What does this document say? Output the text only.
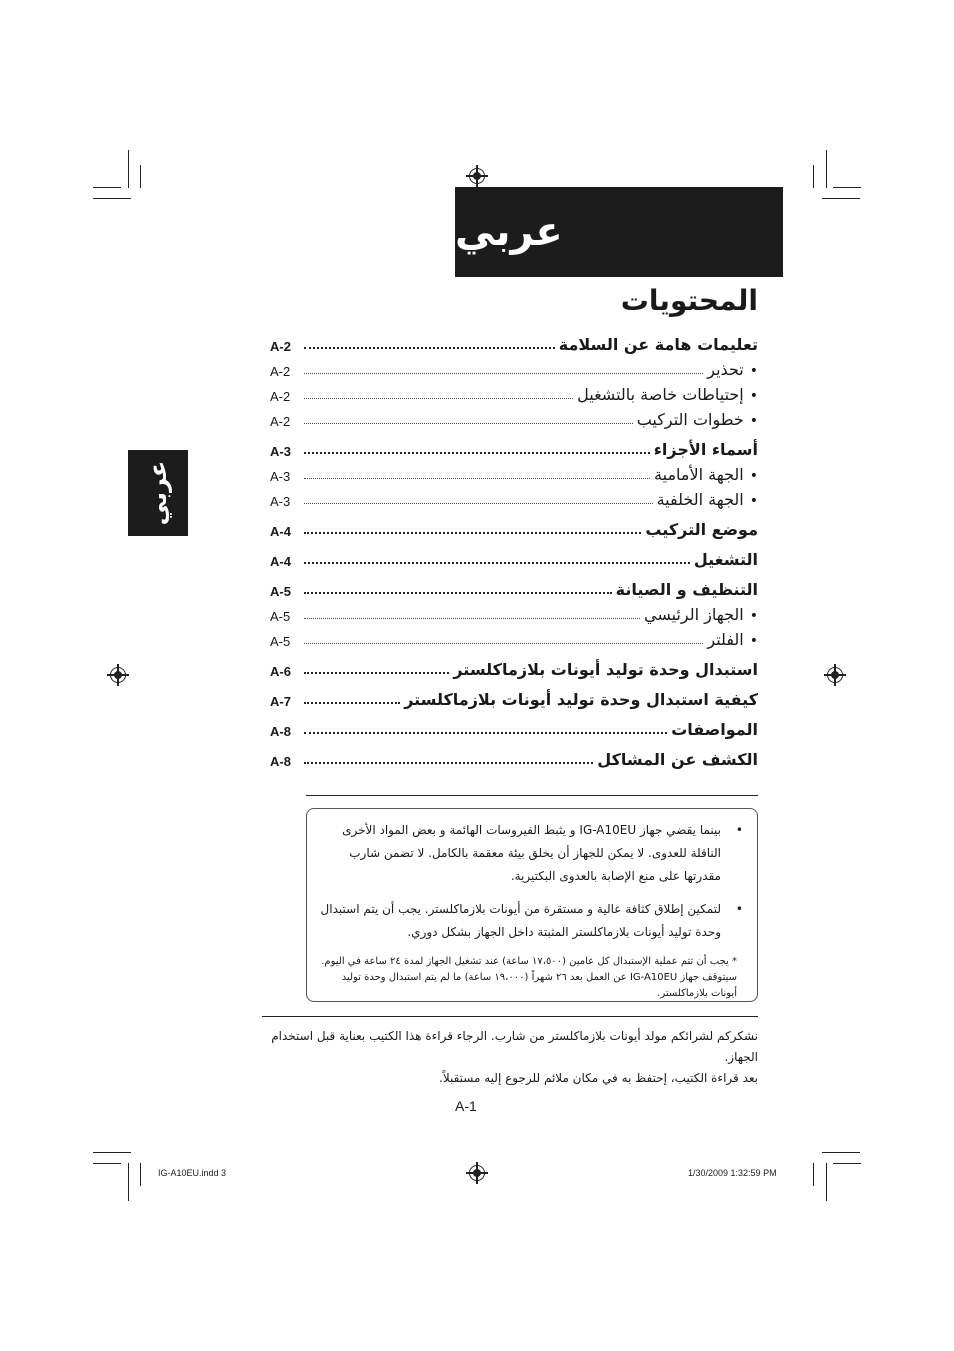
عربي
عربي
المحتويات
A-2	تعليمات هامة عن السلامة
A-2	تحذير •
A-2	إحتياطات خاصة بالتشغيل •
A-2	خطوات التركيب •
A-3	أسماء الأجزاء
A-3	الجهة الأمامية •
A-3	الجهة الخلفية •
A-4	موضع التركيب
A-4	التشغيل
A-5	التنظيف و الصيانة
A-5	الجهاز الرئيسي •
A-5	الفلتر •
A-6	استبدال وحدة توليد أيونات بلازماكلستر
A-7	كيفية استبدال وحدة توليد أيونات بلازماكلستر
A-8	المواصفات
A-8	الكشف عن المشاكل
•
بينما يقضي جهاز IG-A10EU و يثبط الفيروسات الهائمة و بعض المواد الأخرى الناقلة للعدوى. لا يمكن للجهاز أن يخلق بيئة معقمة بالكامل. لا تضمن شارب مقدرتها على منع الإصابة بالعدوى البكتيرية.
•
لتمكين إطلاق كثافة عالية و مستقرة من أيونات بلازماكلستر. يجب أن يتم استبدال وحدة توليد أيونات بلازماكلستر المثبتة داخل الجهاز بشكل دوري.
* يجب أن تتم عملية الإستبدال كل عامين (١٧،٥٠٠ ساعة) عند تشغيل الجهاز لمدة ٢٤ ساعة في اليوم. سيتوقف جهاز IG-A10EU عن العمل بعد ٢٦ شهراً (١٩،٠٠٠ ساعة) ما لم يتم استبدال وحدة توليد أيونات بلازماكلستر.
نشكركم لشرائكم مولد أيونات بلازماكلستر من شارب. الرجاء قراءة هذا الكتيب بعناية قبل استخدام الجهاز.
بعد قراءة الكتيب، إحتفظ به في مكان ملائم للرجوع إليه مستقبلاً.
A-1
IG-A10EU.indd 3	1/30/2009 1:32:59 PM
